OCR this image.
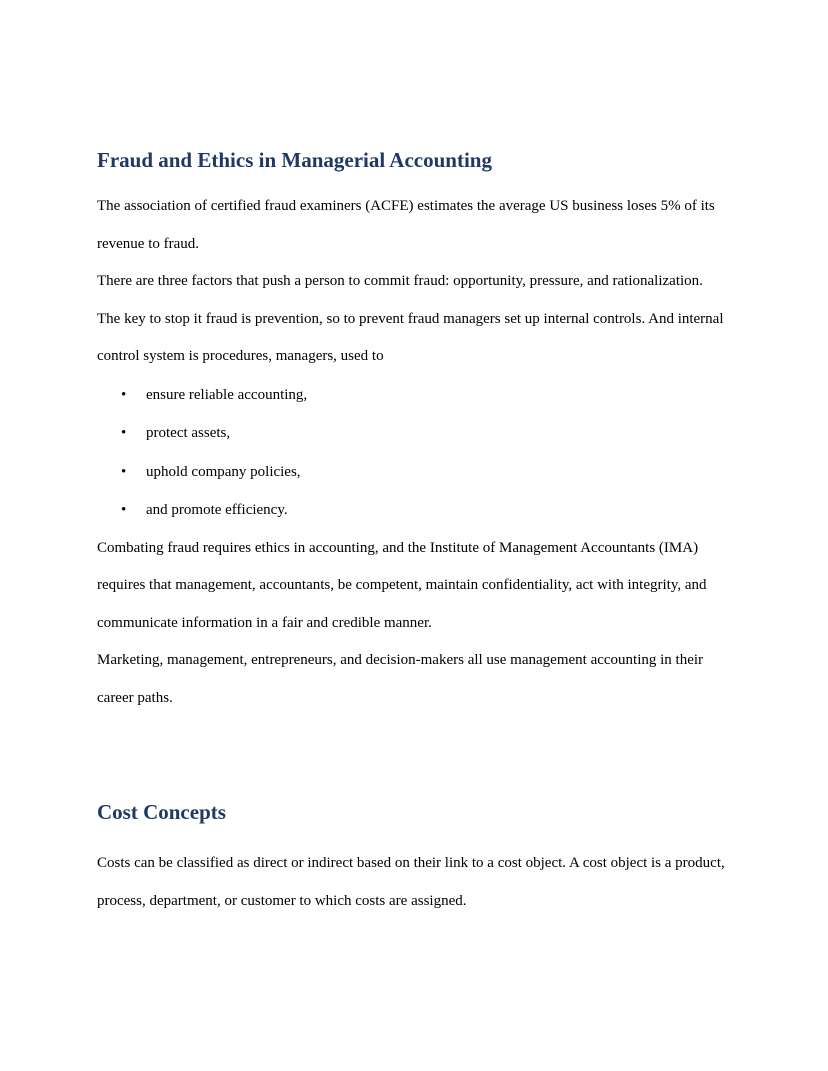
Fraud and Ethics in Managerial Accounting

The association of certified fraud examiners (ACFE) estimates the average US business loses 5% of its revenue to fraud.

There are three factors that push a person to commit fraud: opportunity, pressure, and rationalization.

The key to stop it fraud is prevention, so to prevent fraud managers set up internal controls. And internal control system is procedures, managers, used to

• ensure reliable accounting,
• protect assets,
• uphold company policies,
• and promote efficiency.

Combating fraud requires ethics in accounting, and the Institute of Management Accountants (IMA) requires that management, accountants, be competent, maintain confidentiality, act with integrity, and communicate information in a fair and credible manner.

Marketing, management, entrepreneurs, and decision-makers all use management accounting in their career paths.

Cost Concepts

Costs can be classified as direct or indirect based on their link to a cost object. A cost object is a product, process, department, or customer to which costs are assigned.
